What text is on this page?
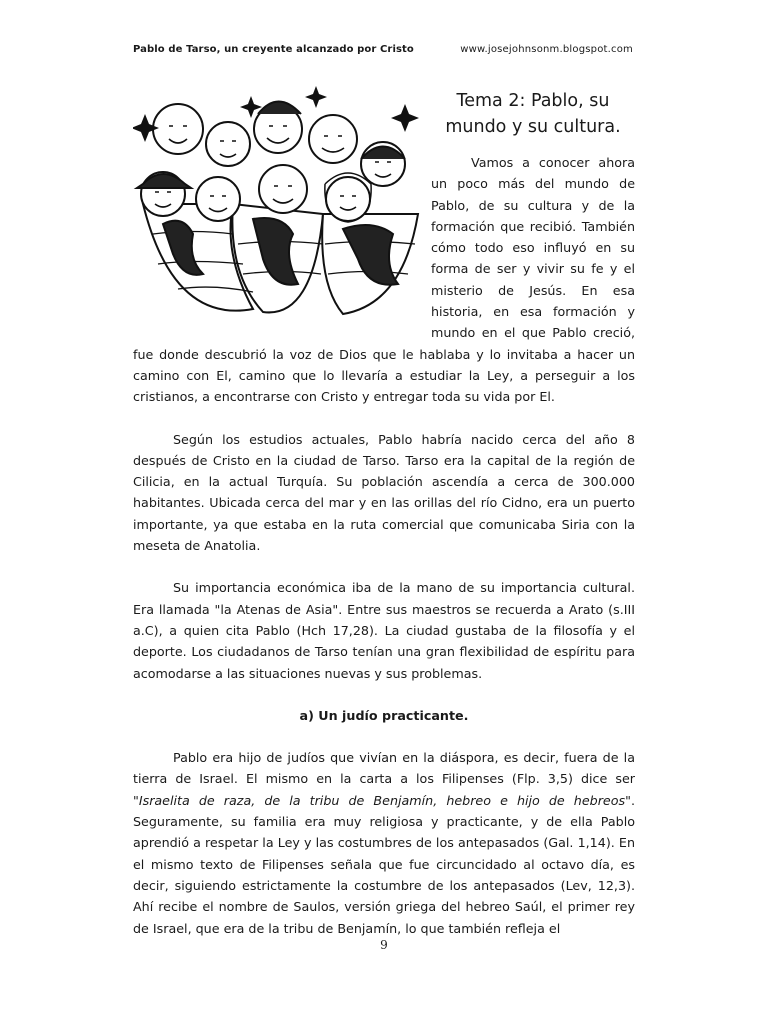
Pablo de Tarso, un creyente alcanzado por Cristo	www.josejohnsonm.blogspot.com
Tema 2: Pablo, su
mundo y su cultura.

Vamos a conocer ahora un poco más del mundo de Pablo, de su cultura y de la formación que recibió. También cómo todo eso influyó en su forma de ser y vivir su fe y el misterio de Jesús. En esa historia, en esa formación y mundo en el que Pablo creció, fue donde descubrió la voz de Dios que le hablaba y lo invitaba a hacer un camino con El, camino que lo llevaría a estudiar la Ley, a perseguir a los cristianos, a encontrarse con Cristo y entregar toda su vida por El.

Según los estudios actuales, Pablo habría nacido cerca del año 8 después de Cristo en la ciudad de Tarso. Tarso era la capital de la región de Cilicia, en la actual Turquía. Su población ascendía a cerca de 300.000 habitantes. Ubicada cerca del mar y en las orillas del río Cidno, era un puerto importante, ya que estaba en la ruta comercial que comunicaba Siria con la meseta de Anatolia.

Su importancia económica iba de la mano de su importancia cultural. Era llamada "la Atenas de Asia". Entre sus maestros se recuerda a Arato (s.III a.C), a quien cita Pablo (Hch 17,28). La ciudad gustaba de la filosofía y el deporte. Los ciudadanos de Tarso tenían una gran flexibilidad de espíritu para acomodarse a las situaciones nuevas y sus problemas.

a) Un judío practicante.

Pablo era hijo de judíos que vivían en la diáspora, es decir, fuera de la tierra de Israel. El mismo en la carta a los Filipenses (Flp. 3,5) dice ser "Israelita de raza, de la tribu de Benjamín, hebreo e hijo de hebreos". Seguramente, su familia era muy religiosa y practicante, y de ella Pablo aprendió a respetar la Ley y las costumbres de los antepasados (Gal. 1,14). En el mismo texto de Filipenses señala que fue circuncidado al octavo día, es decir, siguiendo estrictamente la costumbre de los antepasados (Lev, 12,3). Ahí recibe el nombre de Saulos, versión griega del hebreo Saúl, el primer rey de Israel, que era de la tribu de Benjamín, lo que también refleja el

9
